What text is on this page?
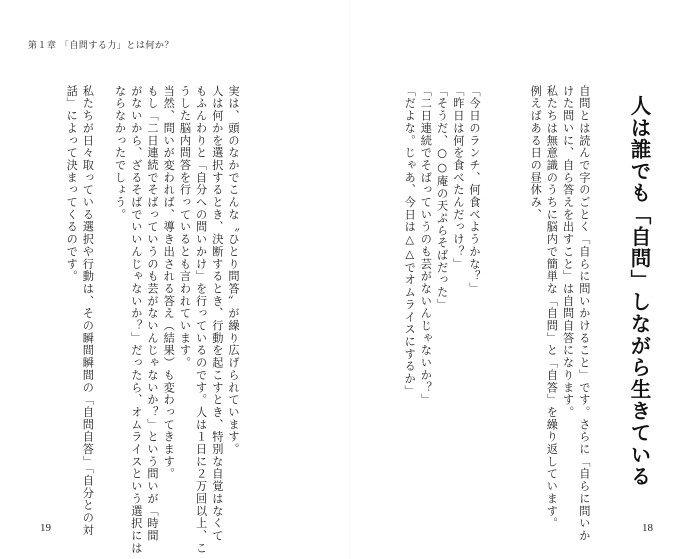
第１章 「自問する力」とは何か？
人は誰でも「自問」しながら生きている
自問とは読んで字のごとく「自らに問いかけること」です。さらに「自らに問いか
けた問いに、自ら答えを出すこと」は自問自答になります。
私たちは無意識のうちに脳内で簡単な「自問」と「自答」を繰り返しています。
例えばある日の昼休み、
「今日のランチ、何食べようかな？」
「昨日は何を食べたんだっけ？」
「そうだ、○○庵の天ぷらそばだった」
「二日連続でそばっていうのも芸がないんじゃないか？」
「だよな。じゃあ、今日は△△でオムライスにするか」
実は、頭のなかでこんな〝ひとり問答〟が繰り広げられています。
人は何かを選択するとき、決断するとき、行動を起こすとき、特別な自覚はなくて
もふんわりと「自分への問いかけ」を行っているのです。人は１日に２万回以上、こ
うした脳内問答を行っているとも言われています。
当然、問いが変われば、導き出される答え（結果）も変わってきます。
もし「二日連続でそばっていうのも芸がないんじゃないか？」という問いが「時間
がないから、ざるそばでいいんじゃないか？」だったら、オムライスという選択には
ならなかったでしょう。
私たちが日々取っている選択や行動は、その瞬間瞬間の「自問自答」「自分との対
話」によって決まってくるのです。
19	18
